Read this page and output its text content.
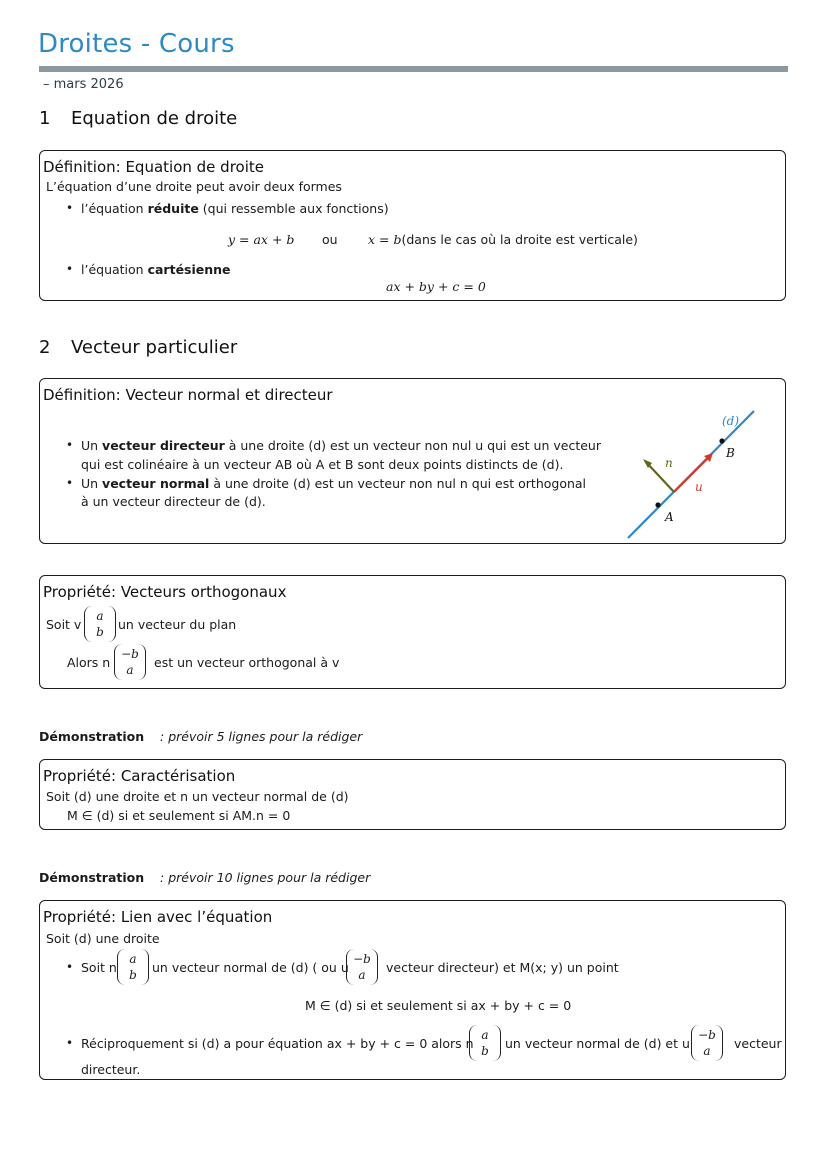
Droites - Cours
– mars 2026
1 Equation de droite
Définition: Equation de droite
L’équation d’une droite peut avoir deux formes
• l’équation réduite (qui ressemble aux fonctions)
y = ax + b ou x = b(dans le cas où la droite est verticale)
• l’équation cartésienne
ax + by + c = 0
2 Vecteur particulier
Définition: Vecteur normal et directeur
• Un vecteur directeur à une droite (d) est un vecteur non nul u qui est un vecteur
qui est colinéaire à un vecteur AB où A et B sont deux points distincts de (d).
• Un vecteur normal à une droite (d) est un vecteur non nul n qui est orthogonal
à un vecteur directeur de (d).
(d)
A
B
u
n
Propriété: Vecteurs orthogonaux
Soit v
a
b	un vecteur du plan
Alors n
−b
a	est un vecteur orthogonal à v
Démonstration : prévoir 5 lignes pour la rédiger
Propriété: Caractérisation
Soit (d) une droite et n un vecteur normal de (d)
M ∈ (d) si et seulement si AM.n = 0
Démonstration : prévoir 10 lignes pour la rédiger
Propriété: Lien avec l’équation
Soit (d) une droite
• Soit n
a
b	un vecteur normal de (d) ( ou u
−b
a	vecteur directeur) et M(x; y) un point
M ∈ (d) si et seulement si ax + by + c = 0
• Réciproquement si (d) a pour équation ax + by + c = 0 alors n
a
b	un vecteur normal de (d) et u
−b
a	vecteur
directeur.
